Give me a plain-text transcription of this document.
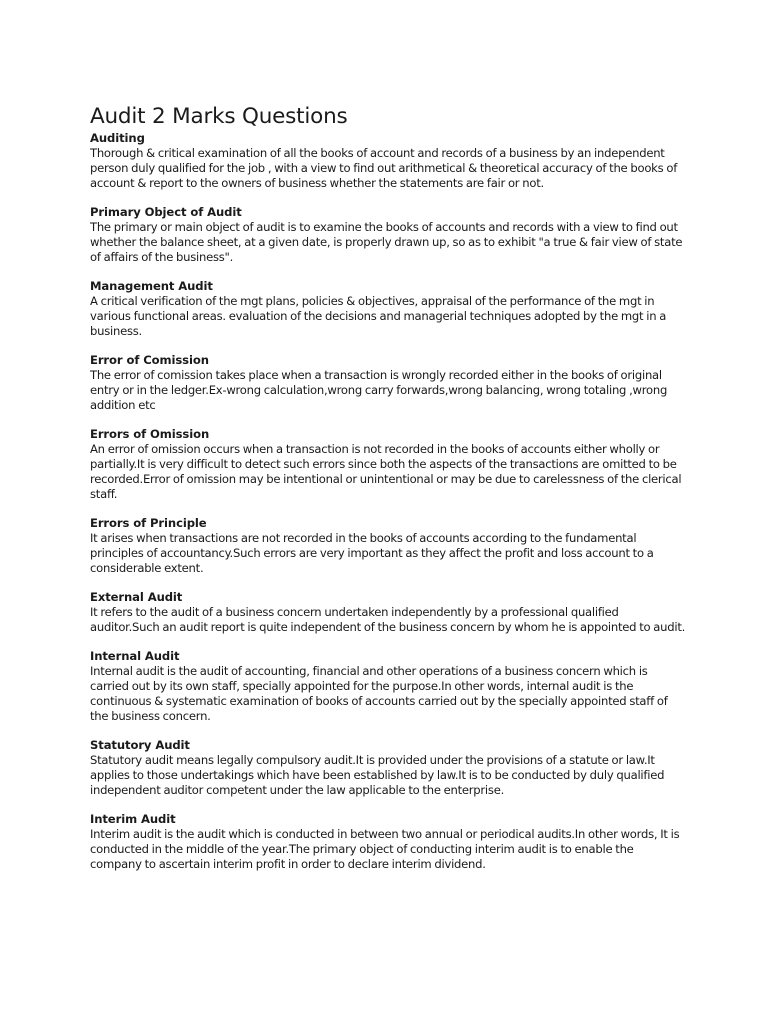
Audit 2 Marks Questions

Auditing

Thorough & critical examination of all the books of account and records of a business by an independent person duly qualified for the job , with a view to find out arithmetical & theoretical accuracy of the books of account & report to the owners of business whether the statements are fair or not.

Primary Object of Audit

The primary or main object of audit is to examine the books of accounts and records with a view to find out whether the balance sheet, at a given date, is properly drawn up, so as to exhibit "a true & fair view of state of affairs of the business".

Management Audit

A critical verification of the mgt plans, policies & objectives, appraisal of the performance of the mgt in various functional areas. evaluation of the decisions and managerial techniques adopted by the mgt in a business.

Error of Comission

The error of comission takes place when a transaction is wrongly recorded either in the books of original entry or in the ledger.Ex-wrong calculation,wrong carry forwards,wrong balancing, wrong totaling ,wrong addition etc

Errors of Omission

An error of omission occurs when a transaction is not recorded in the books of accounts either wholly or partially.It is very difficult to detect such errors since both the aspects of the transactions are omitted to be recorded.Error of omission may be intentional or unintentional or may be due to carelessness of the clerical staff.

Errors of Principle

It arises when transactions are not recorded in the books of accounts according to the fundamental principles of accountancy.Such errors are very important as they affect the profit and loss account to a considerable extent.

External Audit

It refers to the audit of a business concern undertaken independently by a professional qualified auditor.Such an audit report is quite independent of the business concern by whom he is appointed to audit.

Internal Audit

Internal audit is the audit of accounting, financial and other operations of a business concern which is carried out by its own staff, specially appointed for the purpose.In other words, internal audit is the continuous & systematic examination of books of accounts carried out by the specially appointed staff of the business concern.

Statutory Audit

Statutory audit means legally compulsory audit.It is provided under the provisions of a statute or law.It applies to those undertakings which have been established by law.It is to be conducted by duly qualified independent auditor competent under the law applicable to the enterprise.

Interim Audit

Interim audit is the audit which is conducted in between two annual or periodical audits.In other words, It is conducted in the middle of the year.The primary object of conducting interim audit is to enable the company to ascertain interim profit in order to declare interim dividend.
